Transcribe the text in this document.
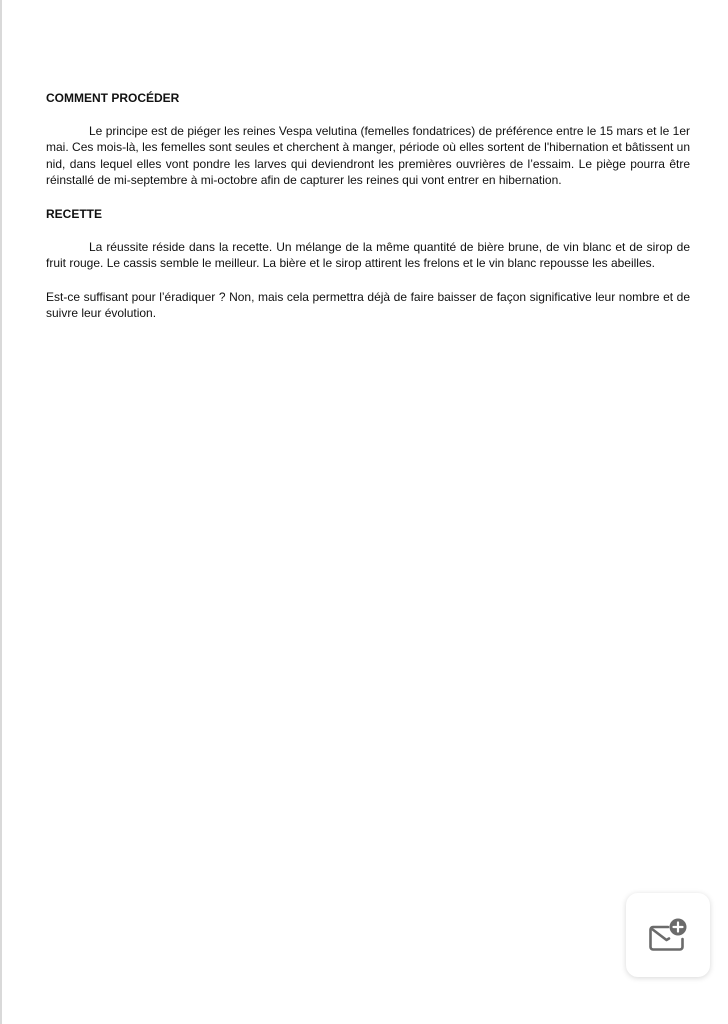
COMMENT PROCÉDER

Le principe est de piéger les reines Vespa velutina (femelles fondatrices) de préférence entre le 15 mars et le 1er mai. Ces mois-là, les femelles sont seules et cherchent à manger, période où elles sortent de l'hibernation et bâtissent un nid, dans lequel elles vont pondre les larves qui deviendront les premières ouvrières de l’essaim. Le piège pourra être réinstallé de mi-septembre à mi-octobre afin de capturer les reines qui vont entrer en hibernation.

RECETTE

La réussite réside dans la recette. Un mélange de la même quantité de bière brune, de vin blanc et de sirop de fruit rouge. Le cassis semble le meilleur. La bière et le sirop attirent les frelons et le vin blanc repousse les abeilles.

Est-ce suffisant pour l’éradiquer ? Non, mais cela permettra déjà de faire baisser de façon significative leur nombre et de suivre leur évolution.
